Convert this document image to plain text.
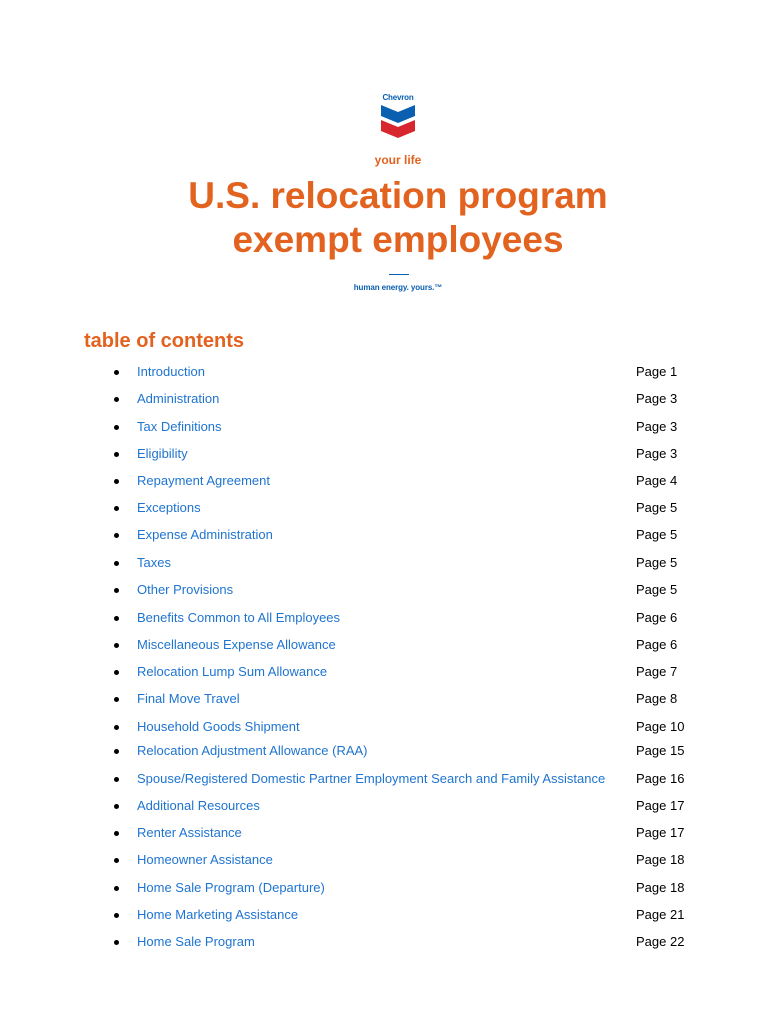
Chevron
your life
U.S. relocation program
exempt employees
human energy. yours.™
table of contents
Introduction	Page 1
Administration	Page 3
Tax Definitions	Page 3
Eligibility	Page 3
Repayment Agreement	Page 4
Exceptions	Page 5
Expense Administration	Page 5
Taxes	Page 5
Other Provisions	Page 5
Benefits Common to All Employees	Page 6
Miscellaneous Expense Allowance	Page 6
Relocation Lump Sum Allowance	Page 7
Final Move Travel	Page 8
Household Goods Shipment	Page 10
Relocation Adjustment Allowance (RAA)	Page 15
Spouse/Registered Domestic Partner Employment Search and Family Assistance Page 16
Additional Resources	Page 17
Renter Assistance	Page 17
Homeowner Assistance	Page 18
Home Sale Program (Departure)	Page 18
Home Marketing Assistance	Page 21
Home Sale Program	Page 22
